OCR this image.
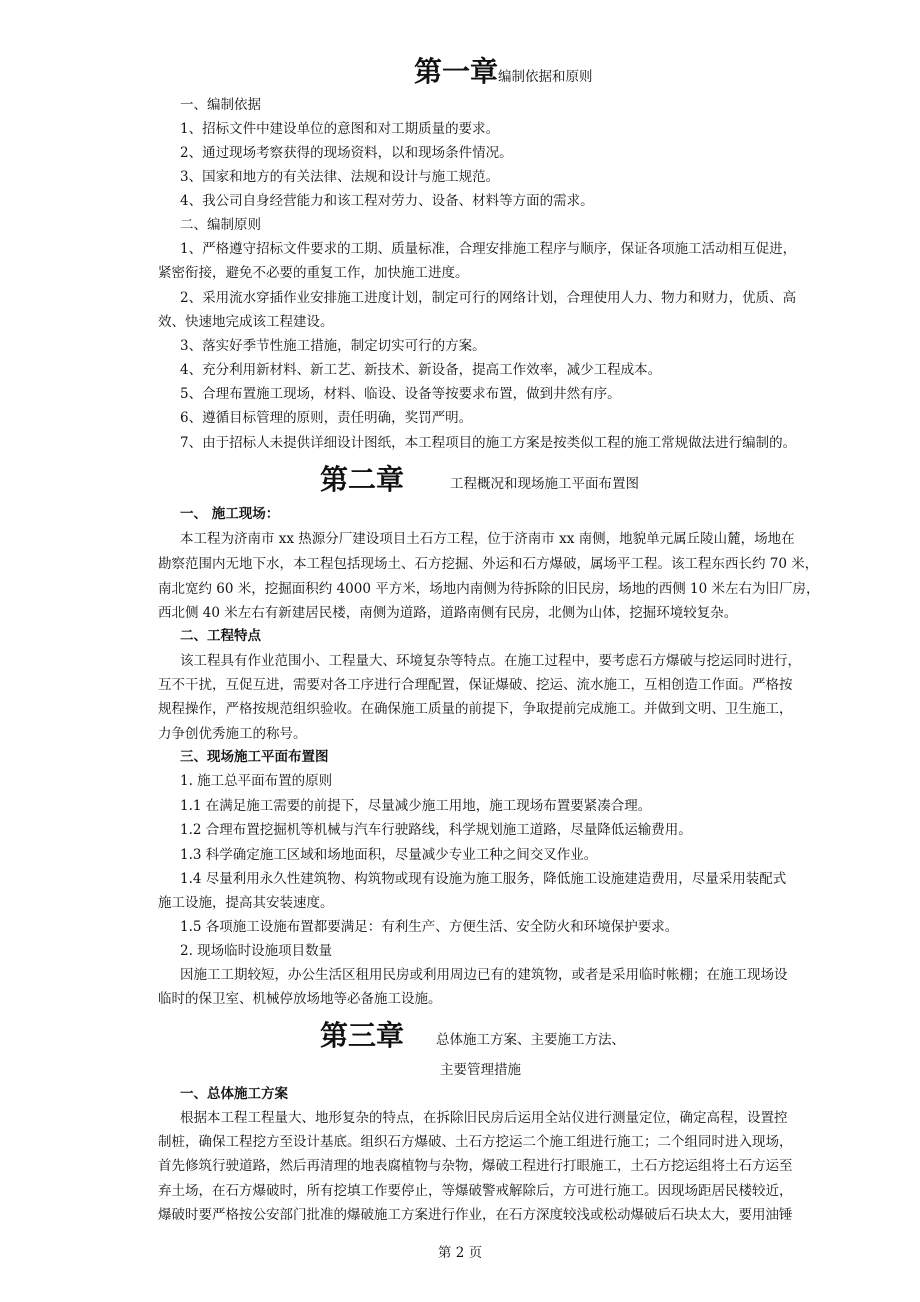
第一章编制依据和原则
一、编制依据
1、招标文件中建设单位的意图和对工期质量的要求。
2、通过现场考察获得的现场资料，以和现场条件情况。
3、国家和地方的有关法律、法规和设计与施工规范。
4、我公司自身经营能力和该工程对劳力、设备、材料等方面的需求。
二、编制原则
1、严格遵守招标文件要求的工期、质量标准，合理安排施工程序与顺序，保证各项施工活动相互促进，
紧密衔接，避免不必要的重复工作，加快施工进度。
2、采用流水穿插作业安排施工进度计划，制定可行的网络计划，合理使用人力、物力和财力，优质、高
效、快速地完成该工程建设。
3、落实好季节性施工措施，制定切实可行的方案。
4、充分利用新材料、新工艺、新技术、新设备，提高工作效率，减少工程成本。
5、合理布置施工现场，材料、临设、设备等按要求布置，做到井然有序。
6、遵循目标管理的原则，责任明确，奖罚严明。
7、由于招标人未提供详细设计图纸，本工程项目的施工方案是按类似工程的施工常规做法进行编制的。
第二章	工程概况和现场施工平面布置图
一、 施工现场：
本工程为济南市 xx 热源分厂建设项目土石方工程，位于济南市 xx 南侧，地貌单元属丘陵山麓，场地在
勘察范围内无地下水，本工程包括现场土、石方挖掘、外运和石方爆破，属场平工程。该工程东西长约 70 米，
南北宽约 60 米，挖掘面积约 4000 平方米，场地内南侧为待拆除的旧民房，场地的西侧 10 米左右为旧厂房，
西北侧 40 米左右有新建居民楼，南侧为道路，道路南侧有民房，北侧为山体，挖掘环境较复杂。
二、工程特点
该工程具有作业范围小、工程量大、环境复杂等特点。在施工过程中，要考虑石方爆破与挖运同时进行，
互不干扰，互促互进，需要对各工序进行合理配置，保证爆破、挖运、流水施工，互相创造工作面。严格按
规程操作，严格按规范组织验收。在确保施工质量的前提下，争取提前完成施工。并做到文明、卫生施工，
力争创优秀施工的称号。
三、现场施工平面布置图
1. 施工总平面布置的原则
1.1 在满足施工需要的前提下，尽量减少施工用地，施工现场布置要紧凑合理。
1.2 合理布置挖掘机等机械与汽车行驶路线，科学规划施工道路，尽量降低运输费用。
1.3 科学确定施工区域和场地面积，尽量减少专业工种之间交叉作业。
1.4 尽量利用永久性建筑物、构筑物或现有设施为施工服务，降低施工设施建造费用，尽量采用装配式
施工设施，提高其安装速度。
1.5 各项施工设施布置都要满足：有利生产、方便生活、安全防火和环境保护要求。
2. 现场临时设施项目数量
因施工工期较短，办公生活区租用民房或利用周边已有的建筑物，或者是采用临时帐棚；在施工现场设
临时的保卫室、机械停放场地等必备施工设施。
第三章 总体施工方案、主要施工方法、
主要管理措施
一、总体施工方案
根据本工程工程量大、地形复杂的特点，在拆除旧民房后运用全站仪进行测量定位，确定高程，设置控
制桩，确保工程挖方至设计基底。组织石方爆破、土石方挖运二个施工组进行施工；二个组同时进入现场，
首先修筑行驶道路，然后再清理的地表腐植物与杂物，爆破工程进行打眼施工，土石方挖运组将土石方运至
弃土场，在石方爆破时，所有挖填工作要停止，等爆破警戒解除后，方可进行施工。因现场距居民楼较近，
爆破时要严格按公安部门批准的爆破施工方案进行作业，在石方深度较浅或松动爆破后石块太大，要用油锤
第 2 页
